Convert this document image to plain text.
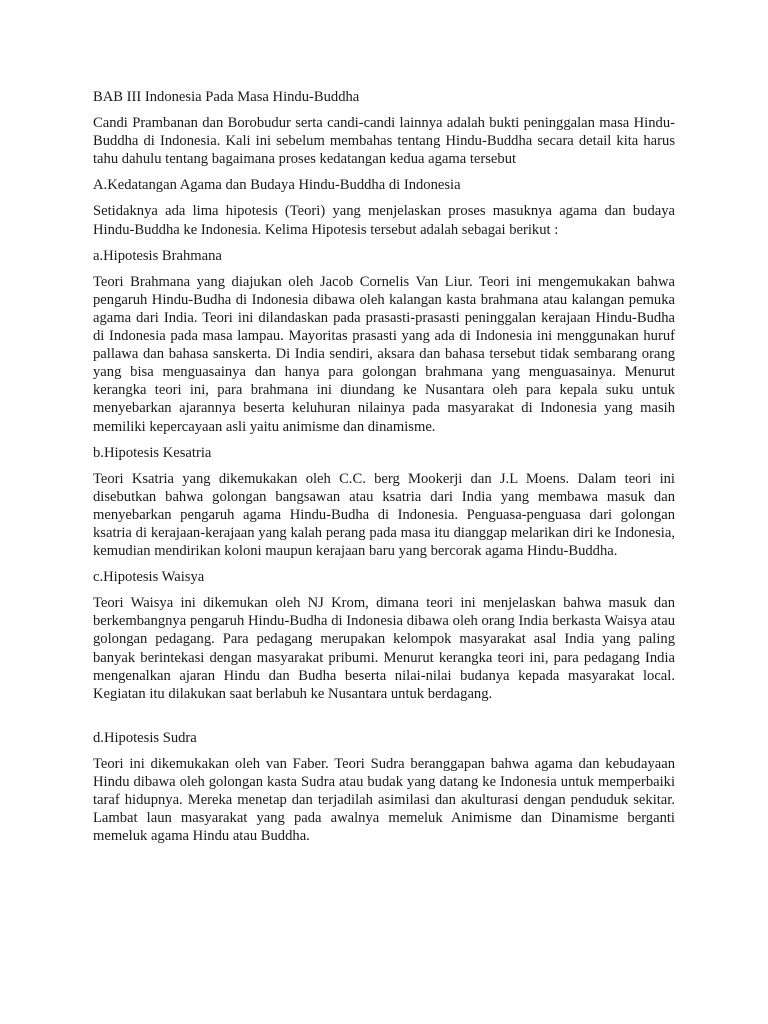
BAB III Indonesia Pada Masa Hindu-Buddha

Candi Prambanan dan Borobudur serta candi-candi lainnya adalah bukti peninggalan masa Hindu-Buddha di Indonesia. Kali ini sebelum membahas tentang Hindu-Buddha secara detail kita harus tahu dahulu tentang bagaimana proses kedatangan kedua agama tersebut

A.Kedatangan Agama dan Budaya Hindu-Buddha di Indonesia

Setidaknya ada lima hipotesis (Teori) yang menjelaskan proses masuknya agama dan budaya Hindu-Buddha ke Indonesia. Kelima Hipotesis tersebut adalah sebagai berikut :

a.Hipotesis Brahmana

Teori Brahmana yang diajukan oleh Jacob Cornelis Van Liur. Teori ini mengemukakan bahwa pengaruh Hindu-Budha di Indonesia dibawa oleh kalangan kasta brahmana atau kalangan pemuka agama dari India. Teori ini dilandaskan pada prasasti-prasasti peninggalan kerajaan Hindu-Budha di Indonesia pada masa lampau. Mayoritas prasasti yang ada di Indonesia ini menggunakan huruf pallawa dan bahasa sanskerta. Di India sendiri, aksara dan bahasa tersebut tidak sembarang orang yang bisa menguasainya dan hanya para golongan brahmana yang menguasainya. Menurut kerangka teori ini, para brahmana ini diundang ke Nusantara oleh para kepala suku untuk menyebarkan ajarannya beserta keluhuran nilainya pada masyarakat di Indonesia yang masih memiliki kepercayaan asli yaitu animisme dan dinamisme.

b.Hipotesis Kesatria

Teori Ksatria yang dikemukakan oleh C.C. berg Mookerji dan J.L Moens. Dalam teori ini disebutkan bahwa golongan bangsawan atau ksatria dari India yang membawa masuk dan menyebarkan pengaruh agama Hindu-Budha di Indonesia. Penguasa-penguasa dari golongan ksatria di kerajaan-kerajaan yang kalah perang pada masa itu dianggap melarikan diri ke Indonesia, kemudian mendirikan koloni maupun kerajaan baru yang bercorak agama Hindu-Buddha.

c.Hipotesis Waisya

Teori Waisya ini dikemukan oleh NJ Krom, dimana teori ini menjelaskan bahwa masuk dan berkembangnya pengaruh Hindu-Budha di Indonesia dibawa oleh orang India berkasta Waisya atau golongan pedagang. Para pedagang merupakan kelompok masyarakat asal India yang paling banyak berintekasi dengan masyarakat pribumi. Menurut kerangka teori ini, para pedagang India mengenalkan ajaran Hindu dan Budha beserta nilai-nilai budanya kepada masyarakat local. Kegiatan itu dilakukan saat berlabuh ke Nusantara untuk berdagang.

d.Hipotesis Sudra

Teori ini dikemukakan oleh van Faber. Teori Sudra beranggapan bahwa agama dan kebudayaan Hindu dibawa oleh golongan kasta Sudra atau budak yang datang ke Indonesia untuk memperbaiki taraf hidupnya. Mereka menetap dan terjadilah asimilasi dan akulturasi dengan penduduk sekitar. Lambat laun masyarakat yang pada awalnya memeluk Animisme dan Dinamisme berganti memeluk agama Hindu atau Buddha.
